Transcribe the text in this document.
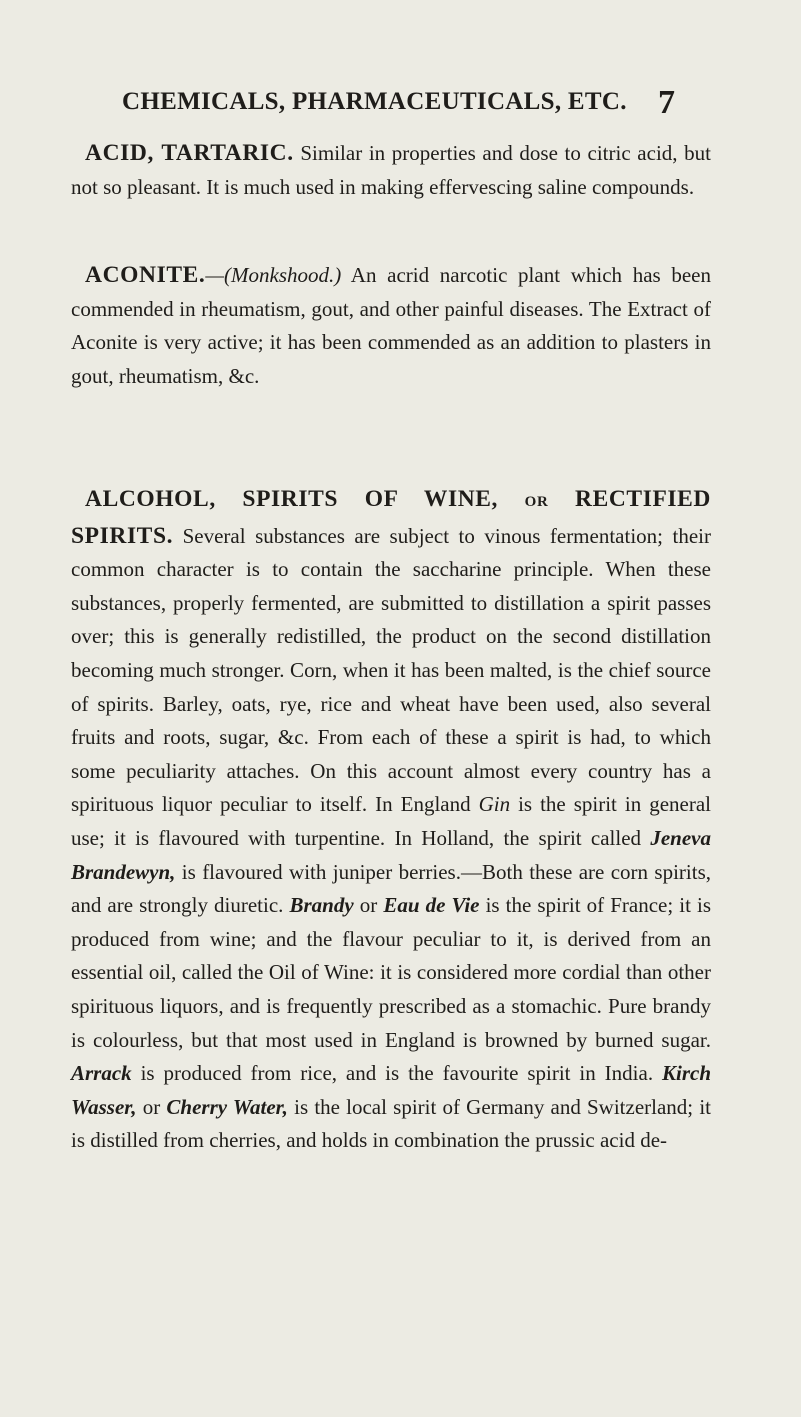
CHEMICALS, PHARMACEUTICALS, ETC. 7

ACID, TARTARIC. Similar in properties and dose to citric acid, but not so pleasant. It is much used in making effervescing saline compounds.

ACONITE.—(Monkshood.) An acrid narcotic plant which has been commended in rheumatism, gout, and other painful diseases. The Extract of Aconite is very active; it has been commended as an addition to plasters in gout, rheumatism, &c.

ALCOHOL, SPIRITS OF WINE, OR RECTIFIED SPIRITS. Several substances are subject to vinous fermentation; their common character is to contain the saccharine principle. When these substances, properly fermented, are submitted to distillation a spirit passes over; this is generally redistilled, the product on the second distillation becoming much stronger. Corn, when it has been malted, is the chief source of spirits. Barley, oats, rye, rice and wheat have been used, also several fruits and roots, sugar, &c. From each of these a spirit is had, to which some peculiarity attaches. On this account almost every country has a spirituous liquor peculiar to itself. In England Gin is the spirit in general use; it is flavoured with turpentine. In Holland, the spirit called Jeneva Brandewyn, is flavoured with juniper berries.—Both these are corn spirits, and are strongly diuretic. Brandy or Eau de Vie is the spirit of France; it is produced from wine; and the flavour peculiar to it, is derived from an essential oil, called the Oil of Wine: it is considered more cordial than other spirituous liquors, and is frequently prescribed as a stomachic. Pure brandy is colourless, but that most used in England is browned by burned sugar. Arrack is produced from rice, and is the favourite spirit in India. Kirch Wasser, or Cherry Water, is the local spirit of Germany and Switzerland; it is distilled from cherries, and holds in combination the prussic acid de-
